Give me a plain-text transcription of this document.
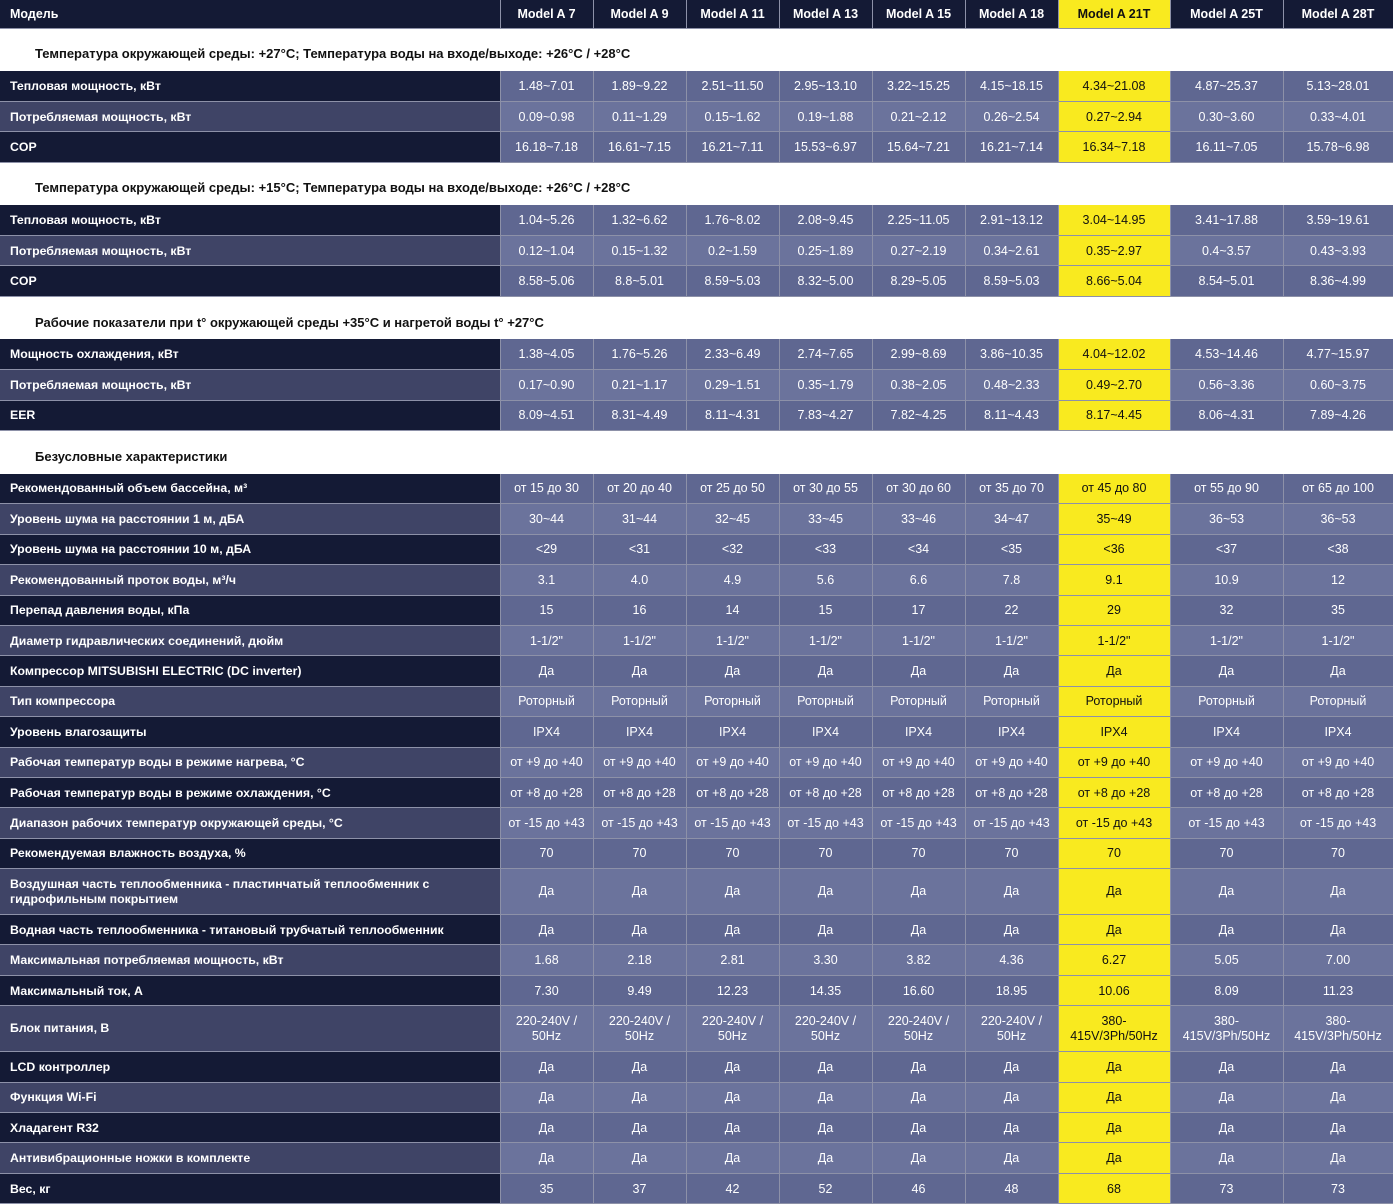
Модель	Model A 7	Model A 9	Model A 11	Model A 13	Model A 15	Model A 18	Model A 21T	Model A 25T	Model A 28T
Температура окружающей среды: +27°C; Температура воды на входе/выходе: +26°C / +28°C									
Тепловая мощность, кВт	1.48~7.01	1.89~9.22	2.51~11.50	2.95~13.10	3.22~15.25	4.15~18.15	4.34~21.08	4.87~25.37	5.13~28.01
Потребляемая мощность, кВт	0.09~0.98	0.11~1.29	0.15~1.62	0.19~1.88	0.21~2.12	0.26~2.54	0.27~2.94	0.30~3.60	0.33~4.01
COP	16.18~7.18	16.61~7.15	16.21~7.11	15.53~6.97	15.64~7.21	16.21~7.14	16.34~7.18	16.11~7.05	15.78~6.98
Температура окружающей среды: +15°C; Температура воды на входе/выходе: +26°C / +28°C									
Тепловая мощность, кВт	1.04~5.26	1.32~6.62	1.76~8.02	2.08~9.45	2.25~11.05	2.91~13.12	3.04~14.95	3.41~17.88	3.59~19.61
Потребляемая мощность, кВт	0.12~1.04	0.15~1.32	0.2~1.59	0.25~1.89	0.27~2.19	0.34~2.61	0.35~2.97	0.4~3.57	0.43~3.93
COP	8.58~5.06	8.8~5.01	8.59~5.03	8.32~5.00	8.29~5.05	8.59~5.03	8.66~5.04	8.54~5.01	8.36~4.99
Рабочие показатели при t° окружающей среды +35°C и нагретой воды t° +27°C									
Мощность охлаждения, кВт	1.38~4.05	1.76~5.26	2.33~6.49	2.74~7.65	2.99~8.69	3.86~10.35	4.04~12.02	4.53~14.46	4.77~15.97
Потребляемая мощность, кВт	0.17~0.90	0.21~1.17	0.29~1.51	0.35~1.79	0.38~2.05	0.48~2.33	0.49~2.70	0.56~3.36	0.60~3.75
EER	8.09~4.51	8.31~4.49	8.11~4.31	7.83~4.27	7.82~4.25	8.11~4.43	8.17~4.45	8.06~4.31	7.89~4.26
Безусловные характеристики									
Рекомендованный объем бассейна, м³	от 15 до 30	от 20 до 40	от 25 до 50	от 30 до 55	от 30 до 60	от 35 до 70	от 45 до 80	от 55 до 90	от 65 до 100
Уровень шума на расстоянии 1 м, дБА	30~44	31~44	32~45	33~45	33~46	34~47	35~49	36~53	36~53
Уровень шума на расстоянии 10 м, дБА	<29	<31	<32	<33	<34	<35	<36	<37	<38
Рекомендованный проток воды, м³/ч	3.1	4.0	4.9	5.6	6.6	7.8	9.1	10.9	12
Перепад давления воды, кПа	15	16	14	15	17	22	29	32	35
Диаметр гидравлических соединений, дюйм	1-1/2"	1-1/2"	1-1/2"	1-1/2"	1-1/2"	1-1/2"	1-1/2"	1-1/2"	1-1/2"
Компрессор MITSUBISHI ELECTRIC (DC inverter)	Да	Да	Да	Да	Да	Да	Да	Да	Да
Тип компрессора	Роторный	Роторный	Роторный	Роторный	Роторный	Роторный	Роторный	Роторный	Роторный
Уровень влагозащиты	IPX4	IPX4	IPX4	IPX4	IPX4	IPX4	IPX4	IPX4	IPX4
Рабочая температур воды в режиме нагрева, °С	от +9 до +40	от +9 до +40	от +9 до +40	от +9 до +40	от +9 до +40	от +9 до +40	от +9 до +40	от +9 до +40	от +9 до +40
Рабочая температур воды в режиме охлаждения, °С	от +8 до +28	от +8 до +28	от +8 до +28	от +8 до +28	от +8 до +28	от +8 до +28	от +8 до +28	от +8 до +28	от +8 до +28
Диапазон рабочих температур окружающей среды, °С	от -15 до +43	от -15 до +43	от -15 до +43	от -15 до +43	от -15 до +43	от -15 до +43	от -15 до +43	от -15 до +43	от -15 до +43
Рекомендуемая влажность воздуха, %	70	70	70	70	70	70	70	70	70
Воздушная часть теплообменника - пластинчатый теплообменник с гидрофильным покрытием	Да	Да	Да	Да	Да	Да	Да	Да	Да
Водная часть теплообменника - титановый трубчатый теплообменник	Да	Да	Да	Да	Да	Да	Да	Да	Да
Максимальная потребляемая мощность, кВт	1.68	2.18	2.81	3.30	3.82	4.36	6.27	5.05	7.00
Максимальный ток, А	7.30	9.49	12.23	14.35	16.60	18.95	10.06	8.09	11.23
Блок питания, В	220-240V / 50Hz	220-240V / 50Hz	220-240V / 50Hz	220-240V / 50Hz	220-240V / 50Hz	220-240V / 50Hz	380-415V/3Ph/50Hz	380-415V/3Ph/50Hz	380-415V/3Ph/50Hz
LCD контроллер	Да	Да	Да	Да	Да	Да	Да	Да	Да
Функция Wi-Fi	Да	Да	Да	Да	Да	Да	Да	Да	Да
Хладагент R32	Да	Да	Да	Да	Да	Да	Да	Да	Да
Антивибрационные ножки в комплекте	Да	Да	Да	Да	Да	Да	Да	Да	Да
Вес, кг	35	37	42	52	46	48	68	73	73
